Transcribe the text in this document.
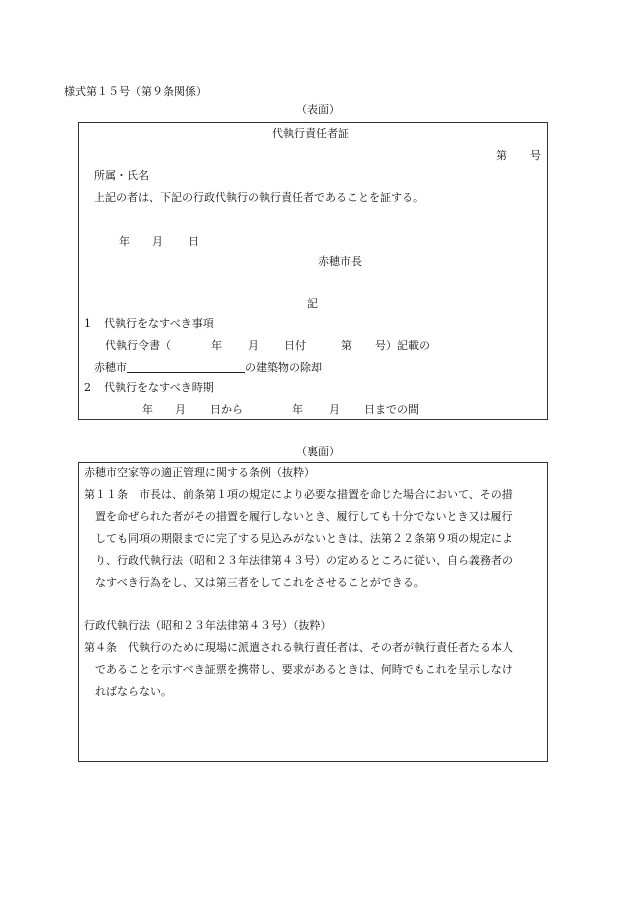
様式第１５号（第９条関係）
（表面）
代執行責任者証
第 号
所属・氏名
上記の者は、下記の行政代執行の執行責任者であることを証する。
年 月 日
赤穂市長
記
1 代執行をなすべき事項
代執行令書（	年 月 日付	第 号）記載の
赤穂市	の建築物の除却
2 代執行をなすべき時期
年 月 日から	年 月 日までの間
（裏面）
赤穂市空家等の適正管理に関する条例（抜粋）
第１１条　市長は、前条第１項の規定により必要な措置を命じた場合において、その措
置を命ぜられた者がその措置を履行しないとき、履行しても十分でないとき又は履行
しても同項の期限までに完了する見込みがないときは、法第２２条第９項の規定によ
り、行政代執行法（昭和２３年法律第４３号）の定めるところに従い、自ら義務者の
なすべき行為をし、又は第三者をしてこれをさせることができる。
行政代執行法（昭和２３年法律第４３号）（抜粋）
第４条　代執行のために現場に派遣される執行責任者は、その者が執行責任者たる本人
であることを示すべき証票を携帯し、要求があるときは、何時でもこれを呈示しなけ
ればならない。
